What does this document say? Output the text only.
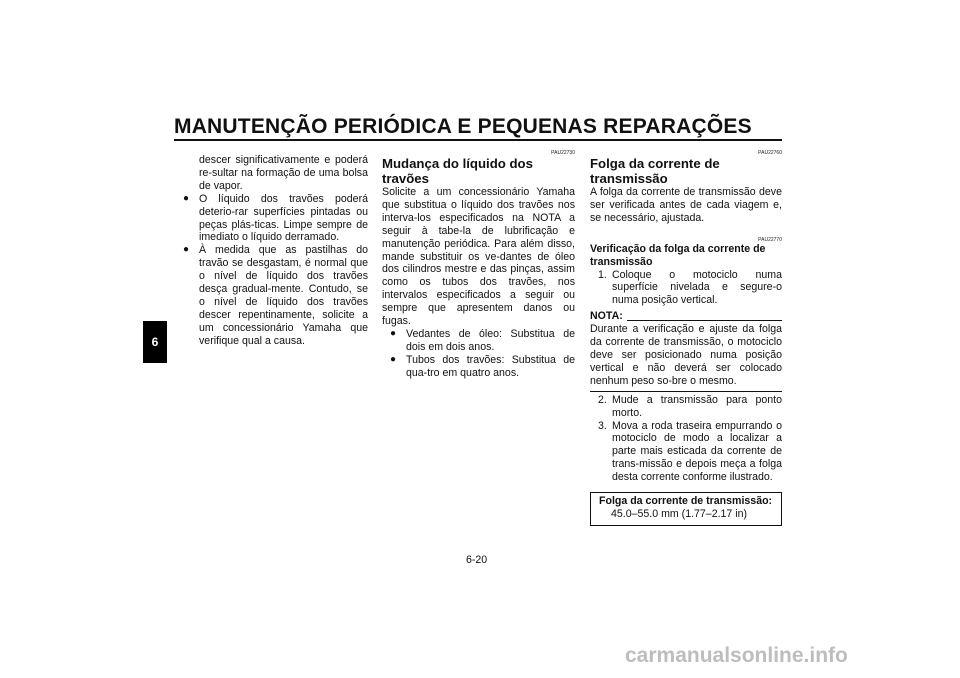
MANUTENÇÃO PERIÓDICA E PEQUENAS REPARAÇÕES
6

descer significativamente e poderá re-sultar na formação de uma bolsa de vapor.

● O líquido dos travões poderá deterio-rar superfícies pintadas ou peças plás-ticas. Limpe sempre de imediato o líquido derramado.
● À medida que as pastilhas do travão se desgastam, é normal que o nível de líquido dos travões desça gradual-mente. Contudo, se o nível de líquido dos travões descer repentinamente, solicite a um concessionário Yamaha que verifique qual a causa.
PAU22730
Mudança do líquido dos travões

Solicite a um concessionário Yamaha que substitua o líquido dos travões nos interva-los especificados na NOTA a seguir à tabe-la de lubrificação e manutenção periódica. Para além disso, mande substituir os ve-dantes de óleo dos cilindros mestre e das pinças, assim como os tubos dos travões, nos intervalos especificados a seguir ou sempre que apresentem danos ou fugas.

● Vedantes de óleo: Substitua de dois em dois anos.
● Tubos dos travões: Substitua de qua-tro em quatro anos.
PAU22760
Folga da corrente de transmissão

A folga da corrente de transmissão deve ser verificada antes de cada viagem e, se necessário, ajustada.

PAU22770
Verificação da folga da corrente de transmissão
1. Coloque o motociclo numa superfície nivelada e segure-o numa posição vertical.
NOTA:

Durante a verificação e ajuste da folga da corrente de transmissão, o motociclo deve ser posicionado numa posição vertical e não deverá ser colocado nenhum peso so-bre o mesmo.

2. Mude a transmissão para ponto morto.
3. Mova a roda traseira empurrando o motociclo de modo a localizar a parte mais esticada da corrente de trans-missão e depois meça a folga desta corrente conforme ilustrado.
Folga da corrente de transmissão:
45.0–55.0 mm (1.77–2.17 in)
6-20
carmanualsonline.info
